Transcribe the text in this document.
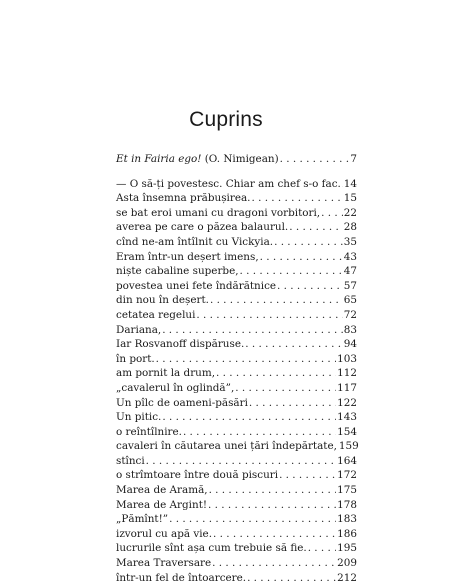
Cuprins
Et in Fairia ego! (O. Nimigean) . . .	7
— O să-ți povestesc. Chiar am chef s-o fac. . . . 14
Asta însemna prăbușirea. . . .	15
se bat eroi umani cu dragoni vorbitori, . . . 22
averea pe care o păzea balaurul. . . .	28
cînd ne-am întîlnit cu Vickyia. . . .	35
Eram într-un deșert imens, . . .	43
niște cabaline superbe, . . .	47
povestea unei fete îndărătnice . . .	57
din nou în deșert. . . .	65
cetatea regelui . . .	72
Dariana, . . .	83
Iar Rosvanoff dispăruse. . . .	94
în port. . . .	103
am pornit la drum, . . .	112
„cavalerul în oglindă”, . . .	117
Un pîlc de oameni-păsări . . .	122
Un pitic. . . .	143
o reîntîlnire. . . .	154
cavaleri în căutarea unei țări îndepărtate, 159
stînci . . .	164
o strîmtoare între două piscuri . . .	172
Marea de Aramă, . . .	175
Marea de Argint! . . .	178
„Pămînt!” . . .	183
izvorul cu apă vie. . . .	186
lucrurile sînt așa cum trebuie să fie. . . .	195
Marea Traversare . . .	209
într-un fel de întoarcere. . . .	212
